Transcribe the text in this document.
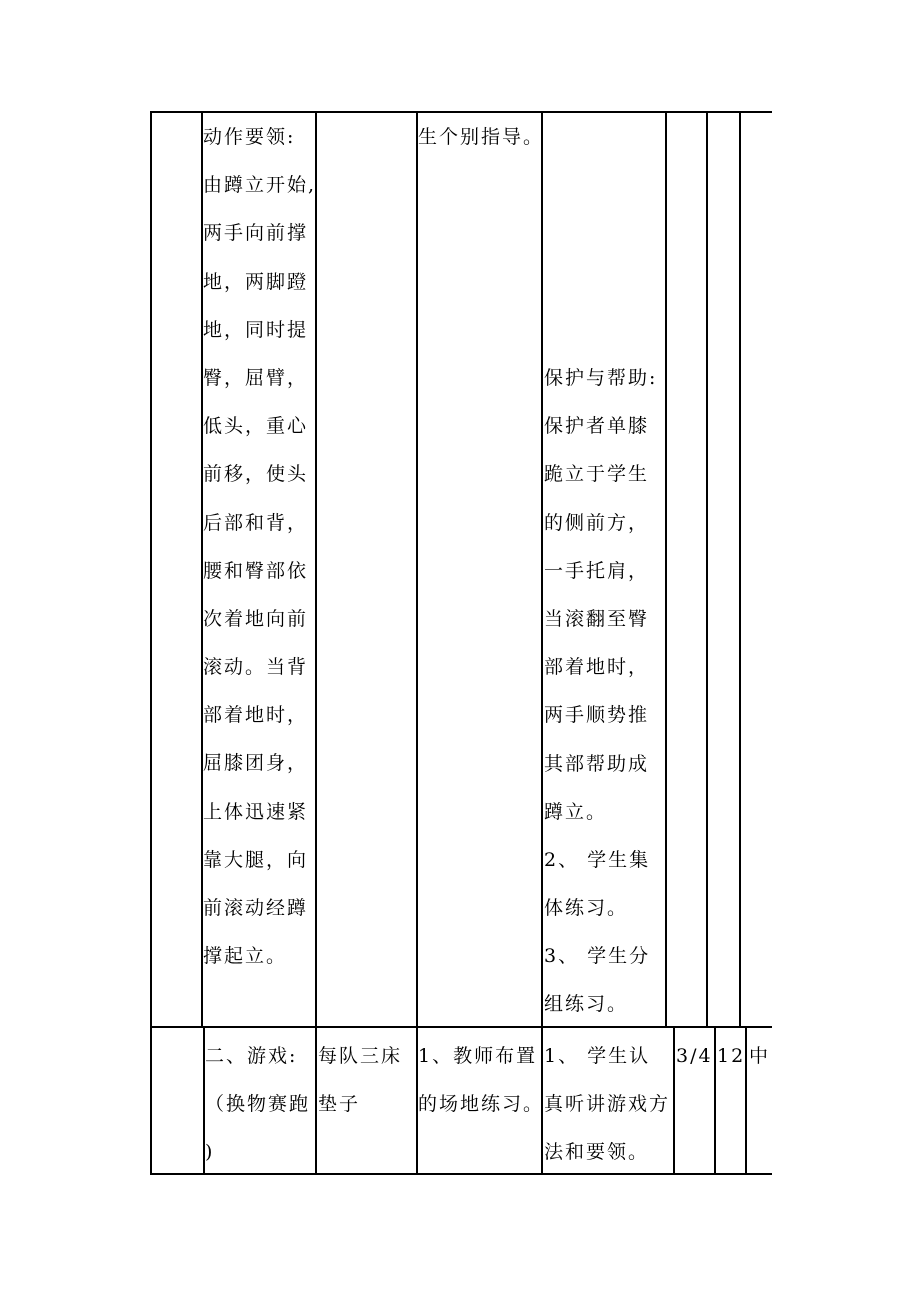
动作要领:
由蹲立开始,
两手向前撑
地，两脚蹬
地，同时提
臀，屈臂，
低头，重心
前移，使头
后部和背，
腰和臀部依
次着地向前
滚动。当背
部着地时，
屈膝团身，
上体迅速紧
靠大腿，向
前滚动经蹲
撑起立。
生个别指导。
保护与帮助:
保护者单膝
跪立于学生
的侧前方，
一手托肩，
当滚翻至臀
部着地时，
两手顺势推
其部帮助成
蹲立。
2、 学生集
体练习。
3、 学生分
组练习。
二、游戏:
（换物赛跑
)
每队三床
垫子
1、教师布置
的场地练习。
1、 学生认
真听讲游戏方
法和要领。
3/4 12 中
